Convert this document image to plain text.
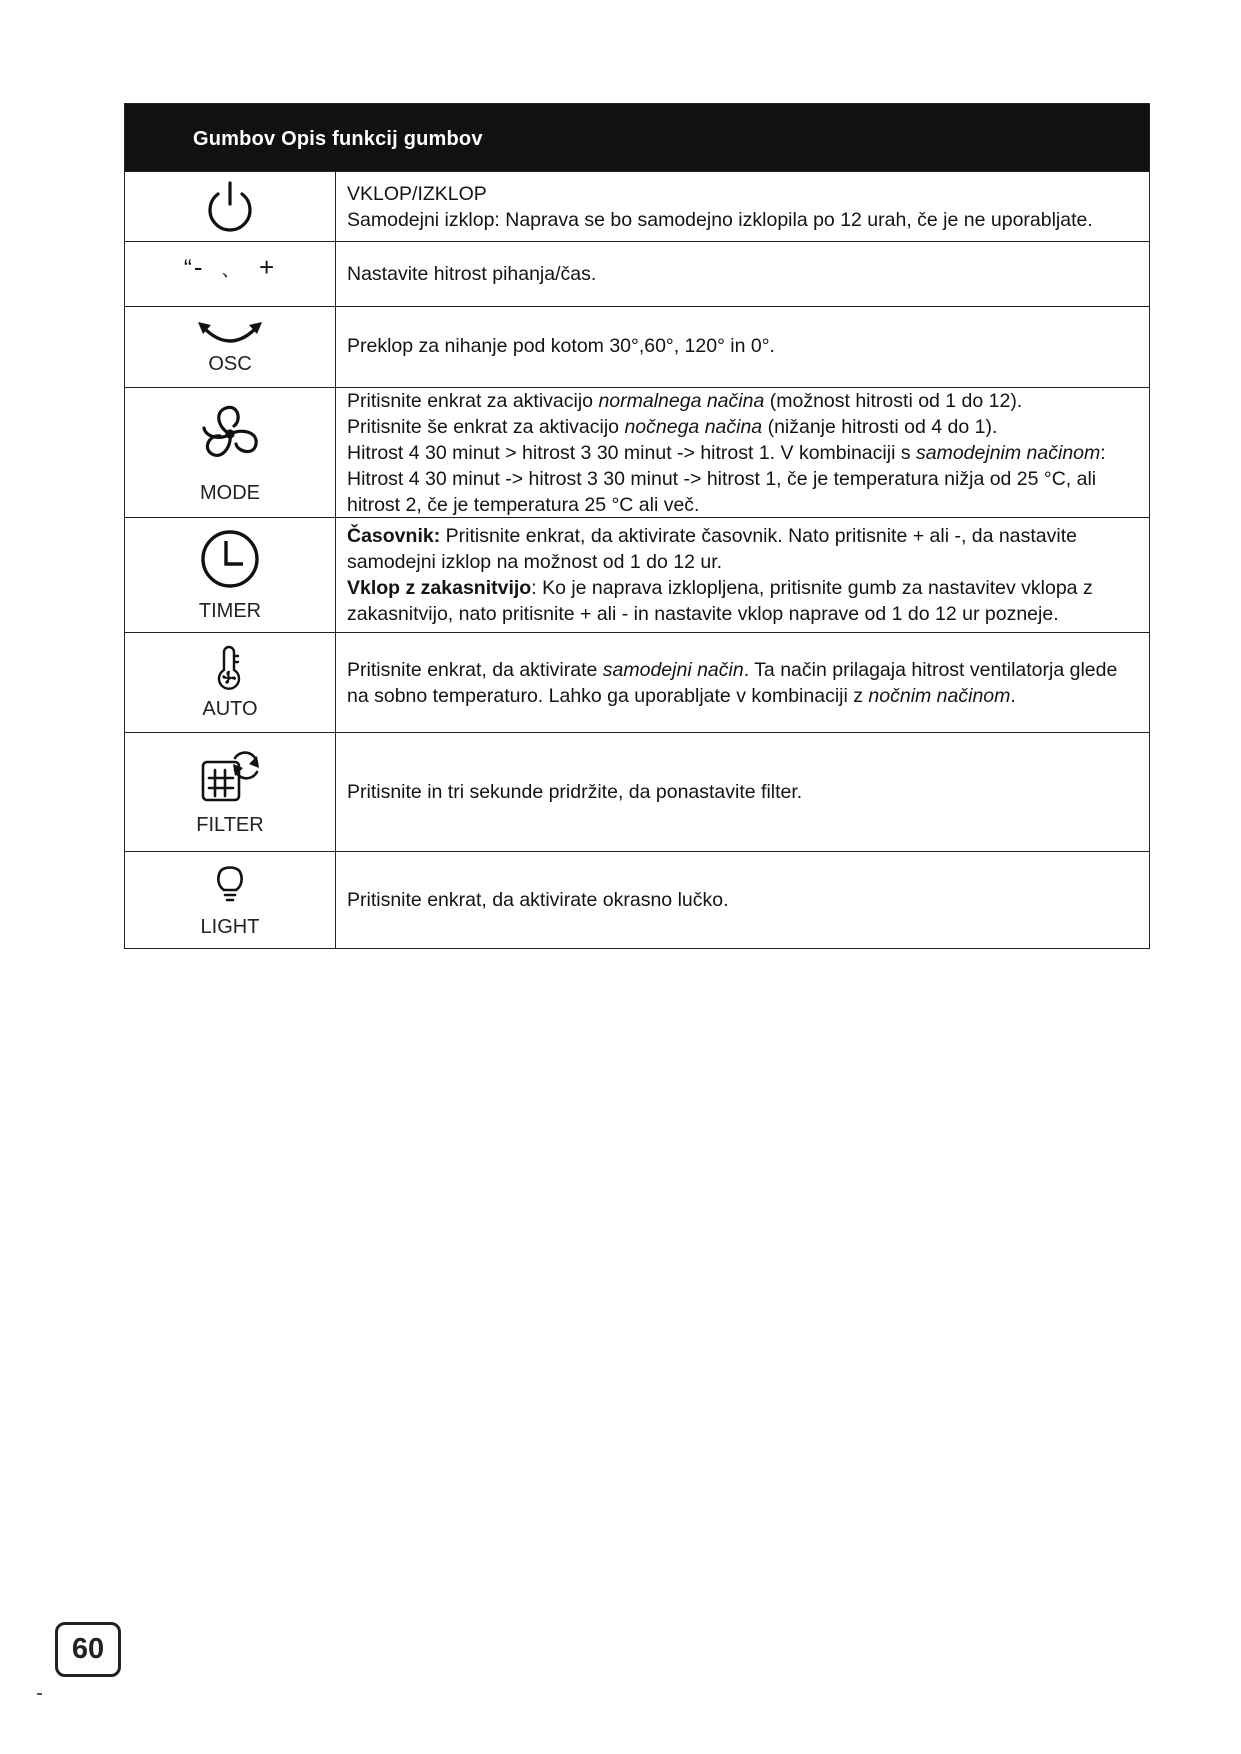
Gumbov Opis funkcij gumbov

VKLOP/IZKLOP

Samodejni izklop: Naprava se bo samodejno izklopila po 12 urah, če je ne uporabljate.

“- 、 +	Nastavite hitrost pihanja/čas.

OSC

Preklop za nihanje pod kotom 30°,60°, 120° in 0°.

MODE

Pritisnite enkrat za aktivacijo normalnega načina (možnost hitrosti od 1 do 12).

Pritisnite še enkrat za aktivacijo nočnega načina (nižanje hitrosti od 4 do 1).

Hitrost 4 30 minut > hitrost 3 30 minut -> hitrost 1. V kombinaciji s samodejnim načinom: Hitrost 4 30 minut -> hitrost 3 30 minut -> hitrost 1, če je temperatura nižja od 25 °C, ali hitrost 2, če je temperatura 25 °C ali več.

TIMER

Časovnik: Pritisnite enkrat, da aktivirate časovnik. Nato pritisnite + ali -, da nastavite samodejni izklop na možnost od 1 do 12 ur.

Vklop z zakasnitvijo: Ko je naprava izklopljena, pritisnite gumb za nastavitev vklopa z zakasnitvijo, nato pritisnite + ali - in nastavite vklop naprave od 1 do 12 ur pozneje.

AUTO

Pritisnite enkrat, da aktivirate samodejni način. Ta način prilagaja hitrost ventilatorja glede na sobno temperaturo. Lahko ga uporabljate v kombinaciji z nočnim načinom.

FILTER

Pritisnite in tri sekunde pridržite, da ponastavite filter.

LIGHT

Pritisnite enkrat, da aktivirate okrasno lučko.

60
